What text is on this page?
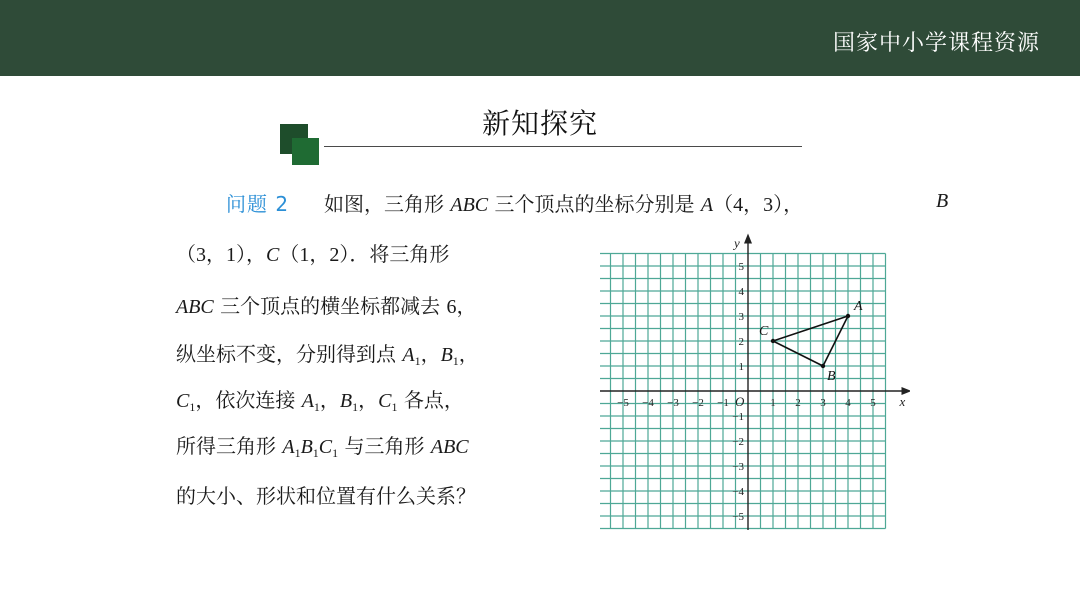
国家中小学课程资源
新知探究
问题 2 如图，三角形 ABC 三个顶点的坐标分别是 A（4，3），	B
（3，1），C（1，2）．将三角形
ABC 三个顶点的横坐标都减去 6，
纵坐标不变，分别得到点 $A_1$，$B_1$，
$C_1$，依次连接 $A_1$，$B_1$，$C_1$ 各点，
所得三角形 $A_1B_1C_1$ 与三角形 ABC
的大小、形状和位置有什么关系？
x
y
O
−5 −4 −3 −2 −1	1 2 3 4 5
−5
−4
−3
−2
−1
1
2
3
4
5
A
B
C
